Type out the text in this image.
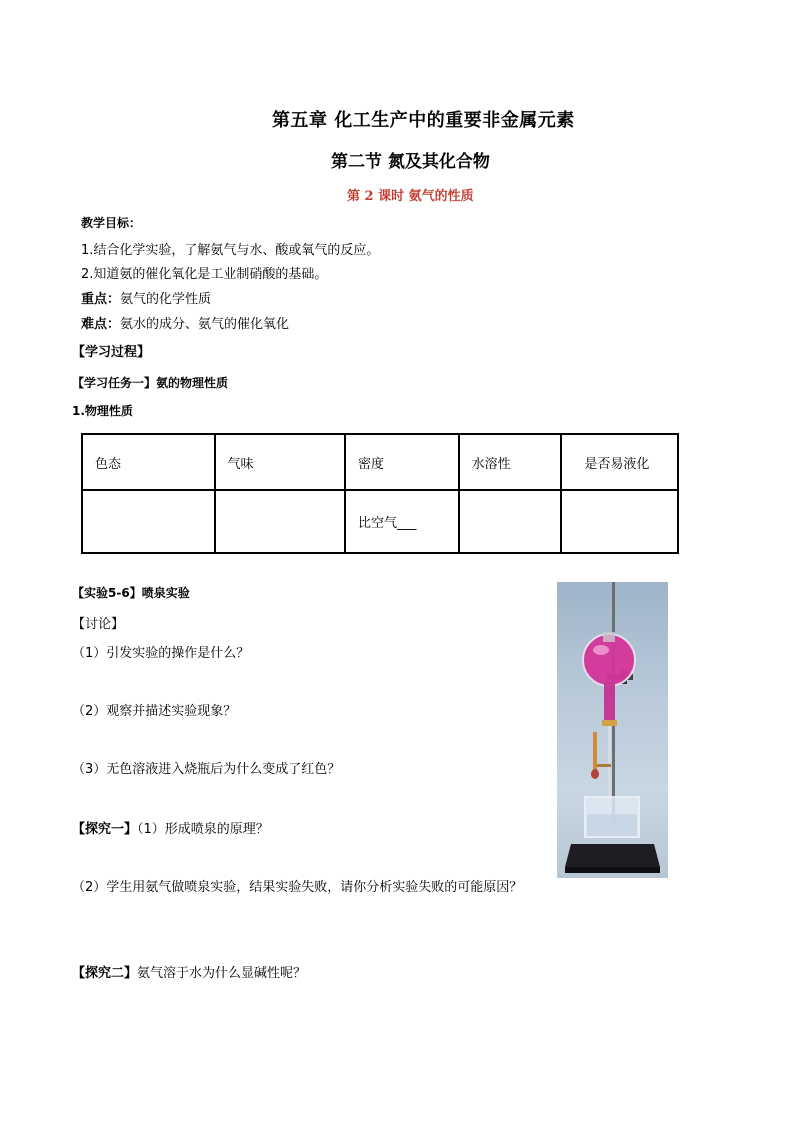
第五章 化工生产中的重要非金属元素
第二节 氮及其化合物
第 2 课时 氨气的性质
教学目标：
1.结合化学实验，了解氨气与水、酸或氧气的反应。
2.知道氨的催化氧化是工业制硝酸的基础。
重点：氨气的化学性质
难点：氨水的成分、氨气的催化氧化
【学习过程】
【学习任务一】氨的物理性质
1.物理性质
色态	气味	密度	水溶性	是否易液化
		比空气___		
【实验5-6】喷泉实验
【讨论】
（1）引发实验的操作是什么？
（2）观察并描述实验现象？
（3）无色溶液进入烧瓶后为什么变成了红色？
【探究一】（1）形成喷泉的原理？
（2）学生用氨气做喷泉实验，结果实验失败，请你分析实验失败的可能原因？
【探究二】氨气溶于水为什么显碱性呢？
